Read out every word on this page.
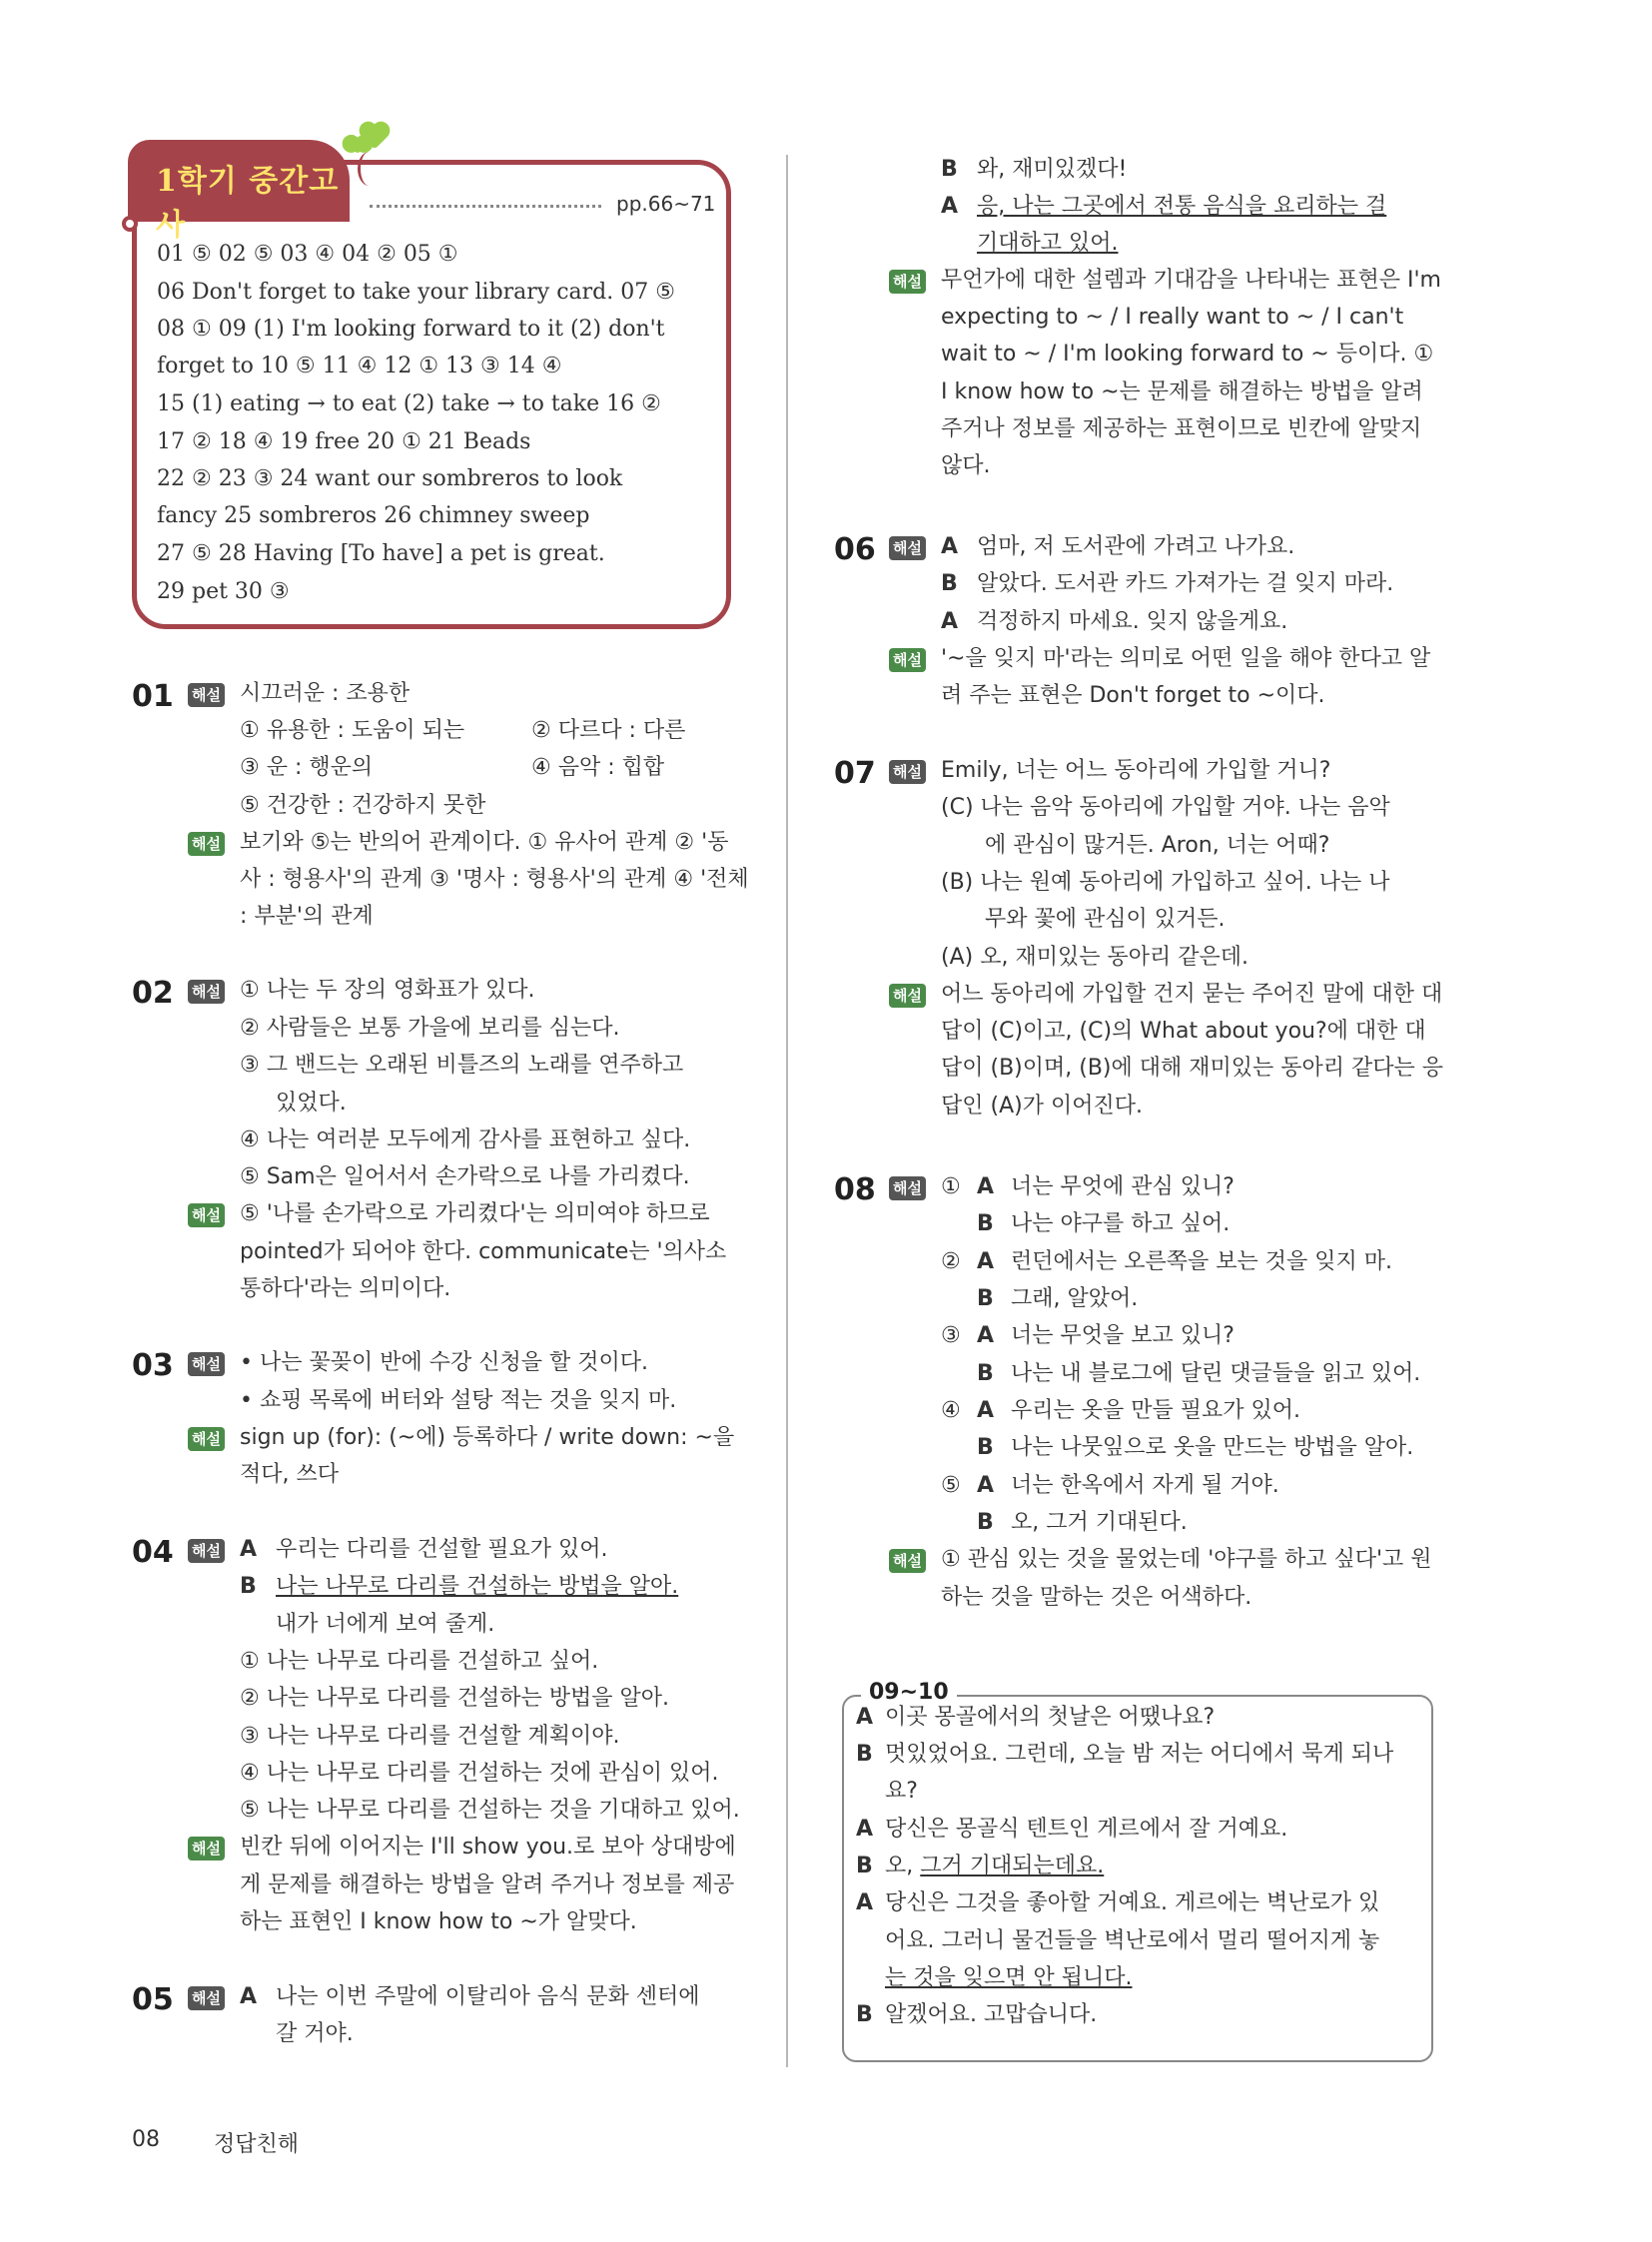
1학기 중간고사
pp.66~71
01 ⑤ 02 ⑤ 03 ④ 04 ② 05 ①
06 Don't forget to take your library card. 07 ⑤
08 ① 09 (1) I'm looking forward to it (2) don't
forget to 10 ⑤ 11 ④ 12 ① 13 ③ 14 ④
15 (1) eating → to eat (2) take → to take 16 ②
17 ② 18 ④ 19 free 20 ① 21 Beads
22 ② 23 ③ 24 want our sombreros to look
fancy 25 sombreros 26 chimney sweep
27 ⑤ 28 Having [To have] a pet is great.
29 pet 30 ③
01 해설 시끄러운 : 조용한
① 유용한 : 도움이 되는	② 다르다 : 다른
③ 운 : 행운의	④ 음악 : 힙합
⑤ 건강한 : 건강하지 못한
해설 보기와 ⑤는 반의어 관계이다. ① 유사어 관계 ② '동
사 : 형용사'의 관계 ③ '명사 : 형용사'의 관계 ④ '전체
: 부분'의 관계
02 해설 ① 나는 두 장의 영화표가 있다.
② 사람들은 보통 가을에 보리를 심는다.
③ 그 밴드는 오래된 비틀즈의 노래를 연주하고
있었다.
④ 나는 여러분 모두에게 감사를 표현하고 싶다.
⑤ Sam은 일어서서 손가락으로 나를 가리켰다.
해설 ⑤ '나를 손가락으로 가리켰다'는 의미여야 하므로
pointed가 되어야 한다. communicate는 '의사소
통하다'라는 의미이다.
03 해설 • 나는 꽃꽂이 반에 수강 신청을 할 것이다.
• 쇼핑 목록에 버터와 설탕 적는 것을 잊지 마.
해설 sign up (for): (~에) 등록하다 / write down: ~을
적다, 쓰다
04 해설 A 우리는 다리를 건설할 필요가 있어.
B 나는 나무로 다리를 건설하는 방법을 알아.
내가 너에게 보여 줄게.
① 나는 나무로 다리를 건설하고 싶어.
② 나는 나무로 다리를 건설하는 방법을 알아.
③ 나는 나무로 다리를 건설할 계획이야.
④ 나는 나무로 다리를 건설하는 것에 관심이 있어.
⑤ 나는 나무로 다리를 건설하는 것을 기대하고 있어.
해설 빈칸 뒤에 이어지는 I'll show you.로 보아 상대방에
게 문제를 해결하는 방법을 알려 주거나 정보를 제공
하는 표현인 I know how to ~가 알맞다.
05 해설 A 나는 이번 주말에 이탈리아 음식 문화 센터에
갈 거야.
B 와, 재미있겠다!
A 응, 나는 그곳에서 전통 음식을 요리하는 걸
기대하고 있어.
해설 무언가에 대한 설렘과 기대감을 나타내는 표현은 I'm
expecting to ~ / I really want to ~ / I can't
wait to ~ / I'm looking forward to ~ 등이다. ①
I know how to ~는 문제를 해결하는 방법을 알려
주거나 정보를 제공하는 표현이므로 빈칸에 알맞지
않다.
06 해설 A 엄마, 저 도서관에 가려고 나가요.
B 알았다. 도서관 카드 가져가는 걸 잊지 마라.
A 걱정하지 마세요. 잊지 않을게요.
해설 '~을 잊지 마'라는 의미로 어떤 일을 해야 한다고 알
려 주는 표현은 Don't forget to ~이다.
07 해설 Emily, 너는 어느 동아리에 가입할 거니?
(C) 나는 음악 동아리에 가입할 거야. 나는 음악
에 관심이 많거든. Aron, 너는 어때?
(B) 나는 원예 동아리에 가입하고 싶어. 나는 나
무와 꽃에 관심이 있거든.
(A) 오, 재미있는 동아리 같은데.
해설 어느 동아리에 가입할 건지 묻는 주어진 말에 대한 대
답이 (C)이고, (C)의 What about you?에 대한 대
답이 (B)이며, (B)에 대해 재미있는 동아리 같다는 응
답인 (A)가 이어진다.
08 해설 ① A 너는 무엇에 관심 있니?
B 나는 야구를 하고 싶어.
② A 런던에서는 오른쪽을 보는 것을 잊지 마.
B 그래, 알았어.
③ A 너는 무엇을 보고 있니?
B 나는 내 블로그에 달린 댓글들을 읽고 있어.
④ A 우리는 옷을 만들 필요가 있어.
B 나는 나뭇잎으로 옷을 만드는 방법을 알아.
⑤ A 너는 한옥에서 자게 될 거야.
B 오, 그거 기대된다.
해설 ① 관심 있는 것을 물었는데 '야구를 하고 싶다'고 원
하는 것을 말하는 것은 어색하다.
09~10
A 이곳 몽골에서의 첫날은 어땠나요?
B 멋있었어요. 그런데, 오늘 밤 저는 어디에서 묵게 되나
요?
A 당신은 몽골식 텐트인 게르에서 잘 거예요.
B 오, 그거 기대되는데요.
A 당신은 그것을 좋아할 거예요. 게르에는 벽난로가 있
어요. 그러니 물건들을 벽난로에서 멀리 떨어지게 놓
는 것을 잊으면 안 됩니다.
B 알겠어요. 고맙습니다.
08 정답친해
